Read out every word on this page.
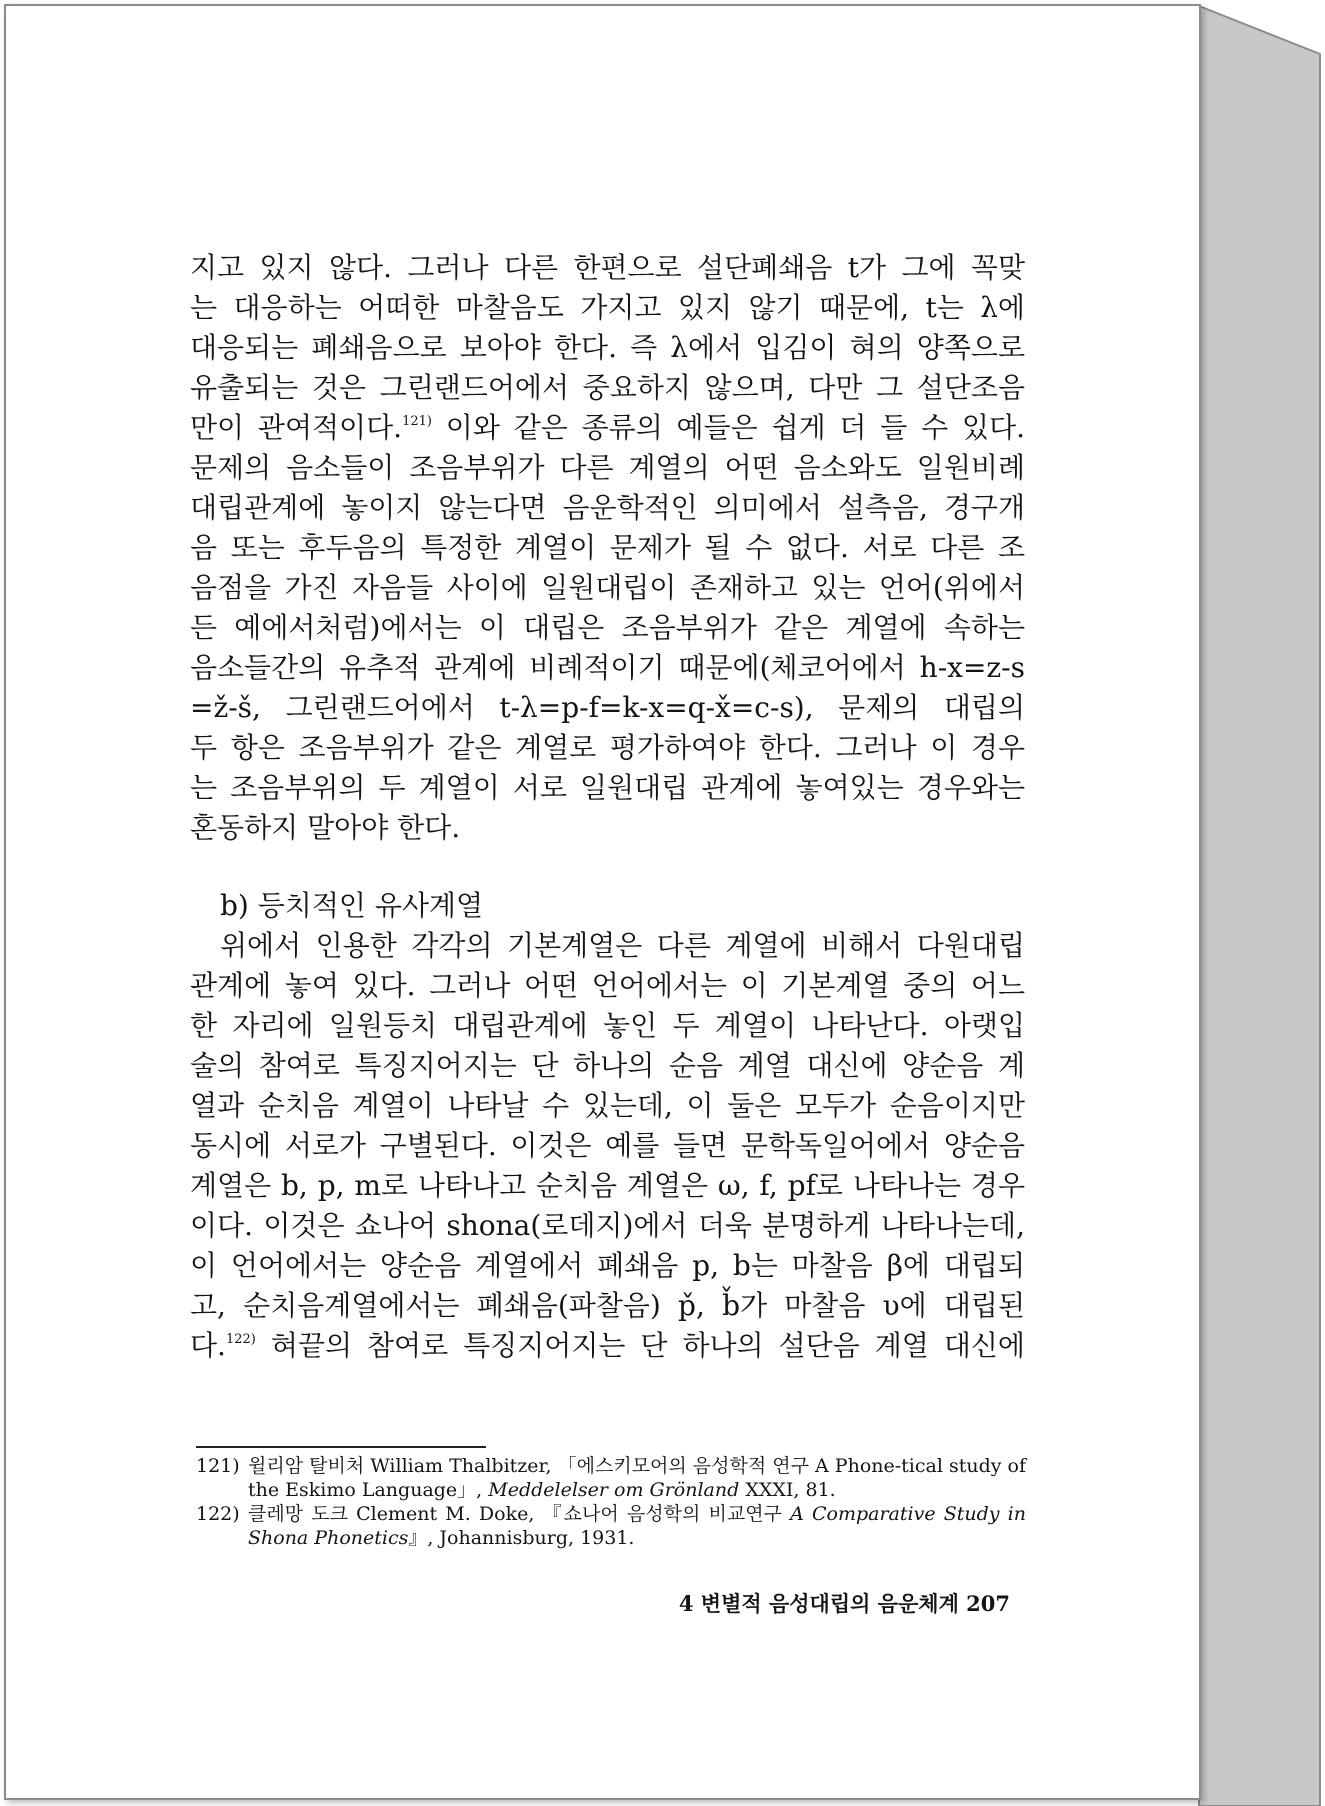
지고 있지 않다. 그러나 다른 한편으로 설단폐쇄음 t가 그에 꼭맞
는 대응하는 어떠한 마찰음도 가지고 있지 않기 때문에, t는 λ에
대응되는 폐쇄음으로 보아야 한다. 즉 λ에서 입김이 혀의 양쪽으로
유출되는 것은 그린랜드어에서 중요하지 않으며, 다만 그 설단조음
만이 관여적이다.$^{121)}$ 이와 같은 종류의 예들은 쉽게 더 들 수 있다.
문제의 음소들이 조음부위가 다른 계열의 어떤 음소와도 일원비례
대립관계에 놓이지 않는다면 음운학적인 의미에서 설측음, 경구개
음 또는 후두음의 특정한 계열이 문제가 될 수 없다. 서로 다른 조
음점을 가진 자음들 사이에 일원대립이 존재하고 있는 언어(위에서
든 예에서처럼)에서는 이 대립은 조음부위가 같은 계열에 속하는
음소들간의 유추적 관계에 비례적이기 때문에(체코어에서 h-x=z-s
=ž-š, 그린랜드어에서 t-λ=p-f=k-x=q-x̌=c-s), 문제의 대립의
두 항은 조음부위가 같은 계열로 평가하여야 한다. 그러나 이 경우
는 조음부위의 두 계열이 서로 일원대립 관계에 놓여있는 경우와는
혼동하지 말아야 한다.
b) 등치적인 유사계열
위에서 인용한 각각의 기본계열은 다른 계열에 비해서 다원대립
관계에 놓여 있다. 그러나 어떤 언어에서는 이 기본계열 중의 어느
한 자리에 일원등치 대립관계에 놓인 두 계열이 나타난다. 아랫입
술의 참여로 특징지어지는 단 하나의 순음 계열 대신에 양순음 계
열과 순치음 계열이 나타날 수 있는데, 이 둘은 모두가 순음이지만
동시에 서로가 구별된다. 이것은 예를 들면 문학독일어에서 양순음
계열은 b, p, m로 나타나고 순치음 계열은 ω, f, pf로 나타나는 경우
이다. 이것은 쇼나어 shona(로데지)에서 더욱 분명하게 나타나는데,
이 언어에서는 양순음 계열에서 폐쇄음 p, b는 마찰음 β에 대립되
고, 순치음계열에서는 폐쇄음(파찰음) p̌, b̌가 마찰음 υ에 대립된
다.$^{122)}$ 혀끝의 참여로 특징지어지는 단 하나의 설단음 계열 대신에
121) 윌리암 탈비처 William Thalbitzer, 「에스키모어의 음성학적 연구 A Phone-tical study of the Eskimo Language」, Meddelelser om Grönland XXXI, 81.
122) 클레망 도크 Clement M. Doke, 『쇼나어 음성학의 비교연구 A Comparative Study in Shona Phonetics』, Johannisburg, 1931.
4 변별적 음성대립의 음운체계 207
